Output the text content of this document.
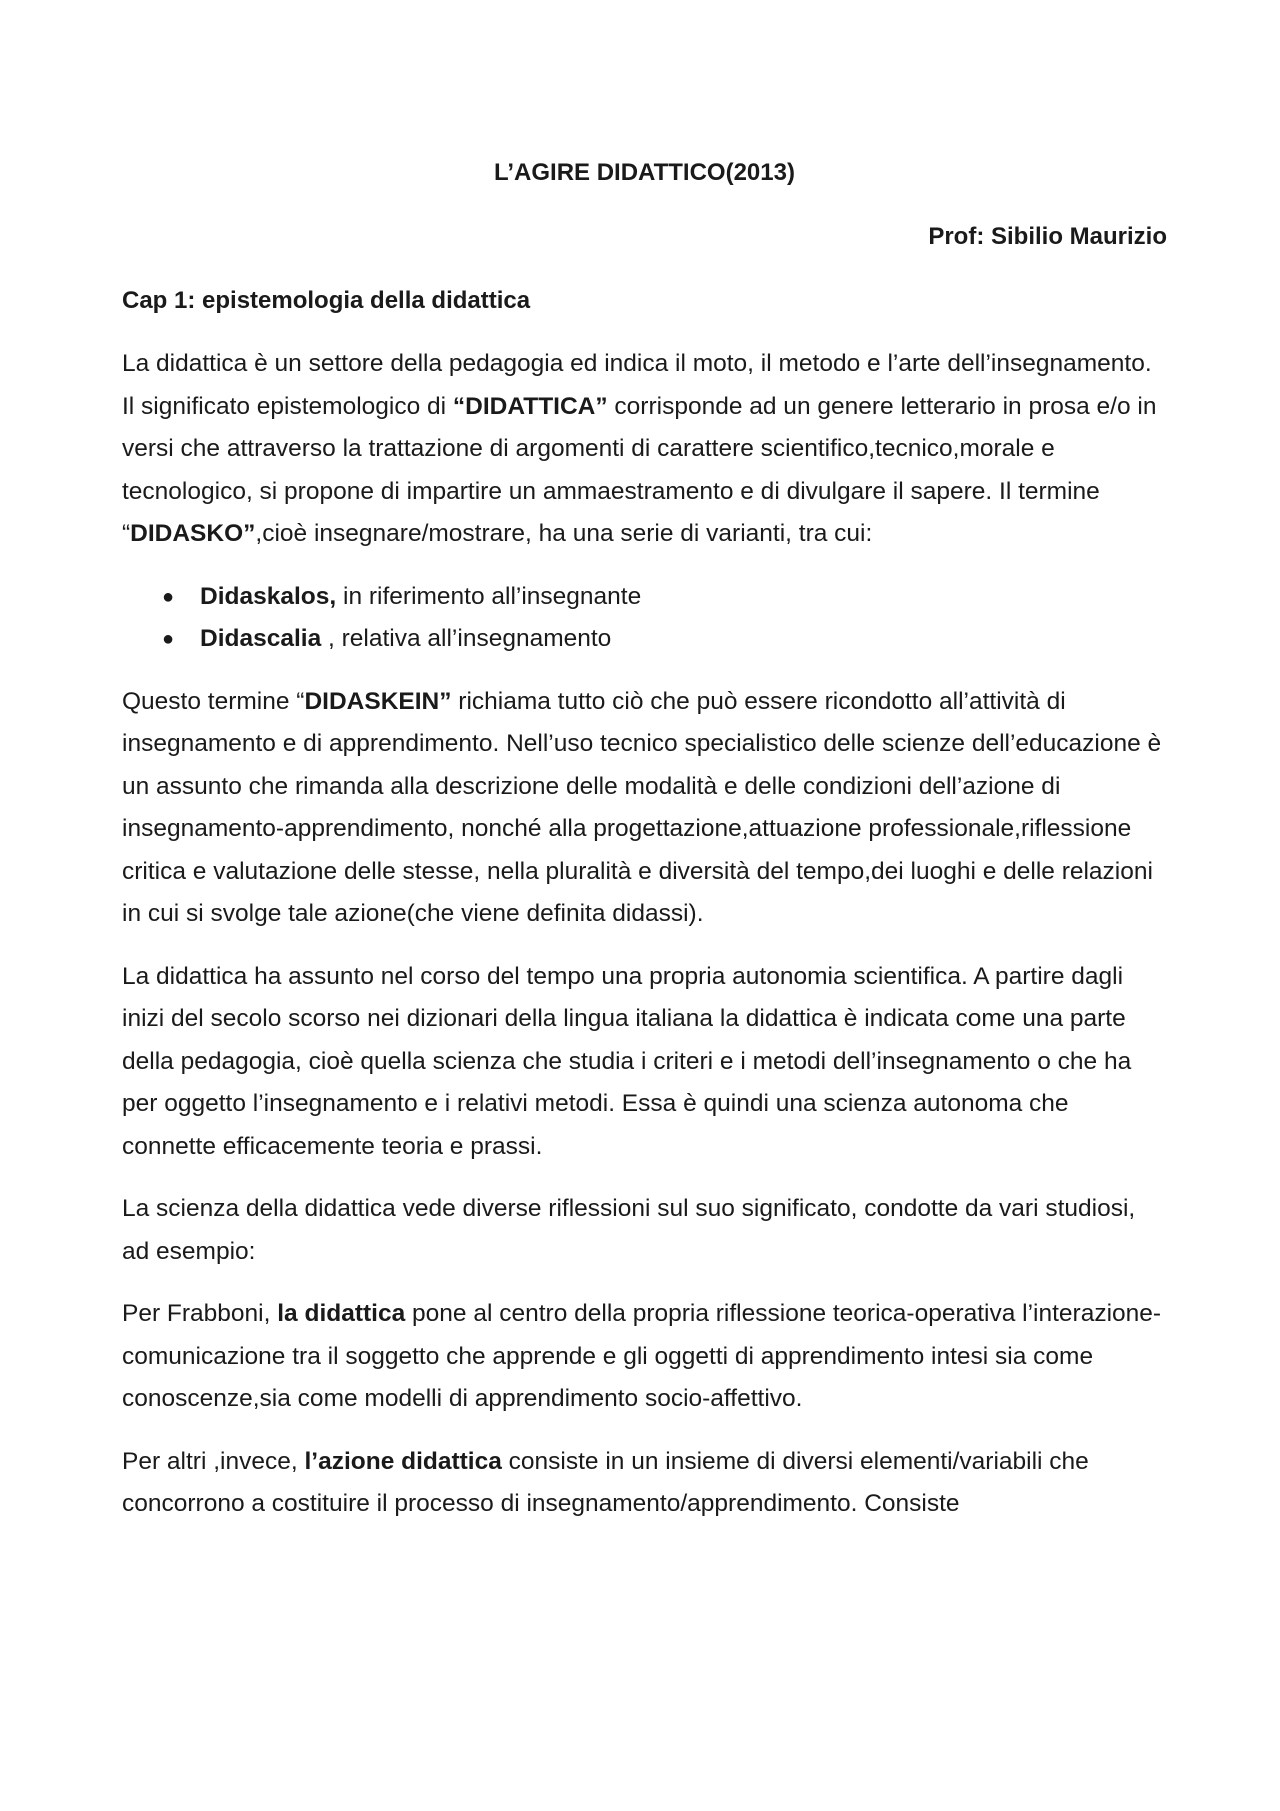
L’AGIRE DIDATTICO(2013)
Prof: Sibilio Maurizio
Cap 1: epistemologia della didattica

La didattica è un settore della pedagogia ed indica il moto, il metodo e l’arte dell’insegnamento. Il significato epistemologico di “DIDATTICA” corrisponde ad un genere letterario in prosa e/o in versi che attraverso la trattazione di argomenti di carattere scientifico,tecnico,morale e tecnologico, si propone di impartire un ammaestramento e di divulgare il sapere. Il termine “DIDASKO”,cioè insegnare/mostrare, ha una serie di varianti, tra cui:

● Didaskalos, in riferimento all’insegnante
● Didascalia , relativa all’insegnamento

Questo termine “DIDASKEIN” richiama tutto ciò che può essere ricondotto all’attività di insegnamento e di apprendimento. Nell’uso tecnico specialistico delle scienze dell’educazione è un assunto che rimanda alla descrizione delle modalità e delle condizioni dell’azione di insegnamento-apprendimento, nonché alla progettazione,attuazione professionale,riflessione critica e valutazione delle stesse, nella pluralità e diversità del tempo,dei luoghi e delle relazioni in cui si svolge tale azione(che viene definita didassi).

La didattica ha assunto nel corso del tempo una propria autonomia scientifica. A partire dagli inizi del secolo scorso nei dizionari della lingua italiana la didattica è indicata come una parte della pedagogia, cioè quella scienza che studia i criteri e i metodi dell’insegnamento o che ha per oggetto l’insegnamento e i relativi metodi. Essa è quindi una scienza autonoma che connette efficacemente teoria e prassi.

La scienza della didattica vede diverse riflessioni sul suo significato, condotte da vari studiosi, ad esempio:

Per Frabboni, la didattica pone al centro della propria riflessione teorica-operativa l’interazione-comunicazione tra il soggetto che apprende e gli oggetti di apprendimento intesi sia come conoscenze,sia come modelli di apprendimento socio-affettivo.

Per altri ,invece, l’azione didattica consiste in un insieme di diversi elementi/variabili che concorrono a costituire il processo di insegnamento/apprendimento. Consiste
